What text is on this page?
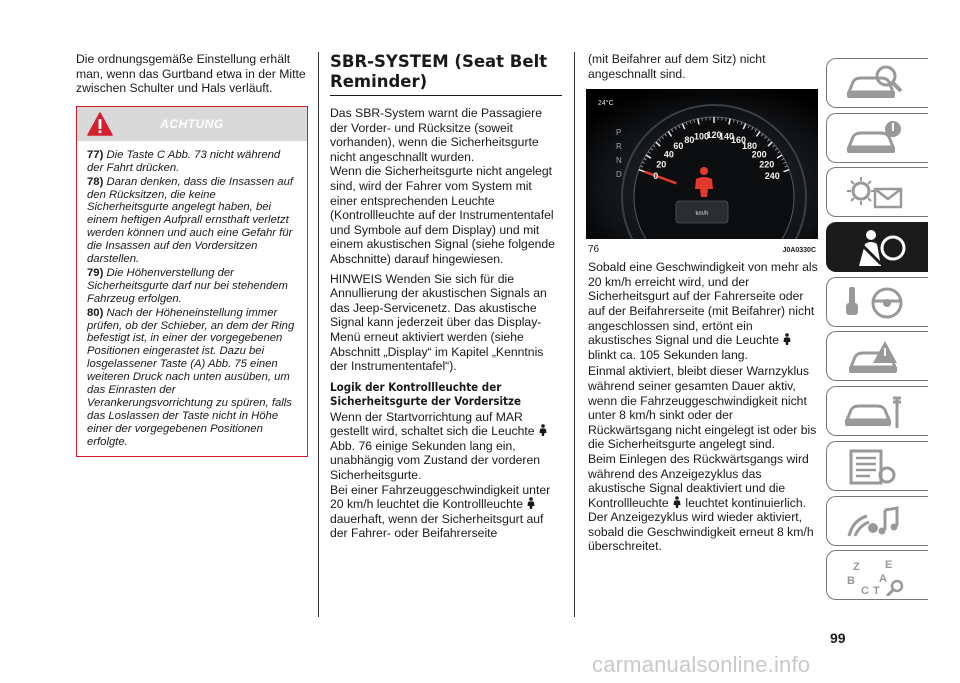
Die ordnungsgemäße Einstellung erhält man, wenn das Gurtband etwa in der Mitte zwischen Schulter und Hals verläuft.

ACHTUNG

77) Die Taste C Abb. 73 nicht während der Fahrt drücken.

78) Daran denken, dass die Insassen auf den Rücksitzen, die keine Sicherheitsgurte angelegt haben, bei einem heftigen Aufprall ernsthaft verletzt werden können und auch eine Gefahr für die Insassen auf den Vordersitzen darstellen.

79) Die Höhenverstellung der Sicherheitsgurte darf nur bei stehendem Fahrzeug erfolgen.

80) Nach der Höheneinstellung immer prüfen, ob der Schieber, an dem der Ring befestigt ist, in einer der vorgegebenen Positionen eingerastet ist. Dazu bei losgelassener Taste (A) Abb. 75 einen weiteren Druck nach unten ausüben, um das Einrasten der Verankerungsvorrichtung zu spüren, falls das Loslassen der Taste nicht in Höhe einer der vorgegebenen Positionen erfolgte.

SBR-SYSTEM (Seat Belt Reminder)

Das SBR-System warnt die Passagiere der Vorder- und Rücksitze (soweit vorhanden), wenn die Sicherheitsgurte nicht angeschnallt wurden.

Wenn die Sicherheitsgurte nicht angelegt sind, wird der Fahrer vom System mit einer entsprechenden Leuchte (Kontrollleuchte auf der Instrumententafel und Symbole auf dem Display) und mit einem akustischen Signal (siehe folgende Abschnitte) darauf hingewiesen.

HINWEIS Wenden Sie sich für die Annullierung der akustischen Signals an das Jeep-Servicenetz. Das akustische Signal kann jederzeit über das Display-Menü erneut aktiviert werden (siehe Abschnitt „Display“ im Kapitel „Kenntnis der Instrumententafel“).

Logik der Kontrollleuchte der Sicherheitsgurte der Vordersitze

Wenn der Startvorrichtung auf MAR gestellt wird, schaltet sich die Leuchte  Abb. 76 einige Sekunden lang ein, unabhängig vom Zustand der vorderen Sicherheitsgurte.

Bei einer Fahrzeuggeschwindigkeit unter 20 km/h leuchtet die Kontrollleuchte  dauerhaft, wenn der Sicherheitsgurt auf der Fahrer- oder Beifahrerseite

(mit Beifahrer auf dem Sitz) nicht angeschnallt sind.

24°C
P
R
N
D	0
20
40
60
80 100
120
140
160
180
200
220
240
km/h
76	J0A0330C

Sobald eine Geschwindigkeit von mehr als 20 km/h erreicht wird, und der Sicherheitsgurt auf der Fahrerseite oder auf der Beifahrerseite (mit Beifahrer) nicht angeschlossen sind, ertönt ein akustisches Signal und die Leuchte  blinkt ca. 105 Sekunden lang.

Einmal aktiviert, bleibt dieser Warnzyklus während seiner gesamten Dauer aktiv, wenn die Fahrzeuggeschwindigkeit nicht unter 8 km/h sinkt oder der Rückwärtsgang nicht eingelegt ist oder bis die Sicherheitsgurte angelegt sind.

Beim Einlegen des Rückwärtsgangs wird während des Anzeigezyklus das akustische Signal deaktiviert und die Kontrollleuchte leuchtet kontinuierlich. Der Anzeigezyklus wird wieder aktiviert, sobald die Geschwindigkeit erneut 8 km/h überschreitet.

Z E
B A
C T
99
carmanualsonline.info
